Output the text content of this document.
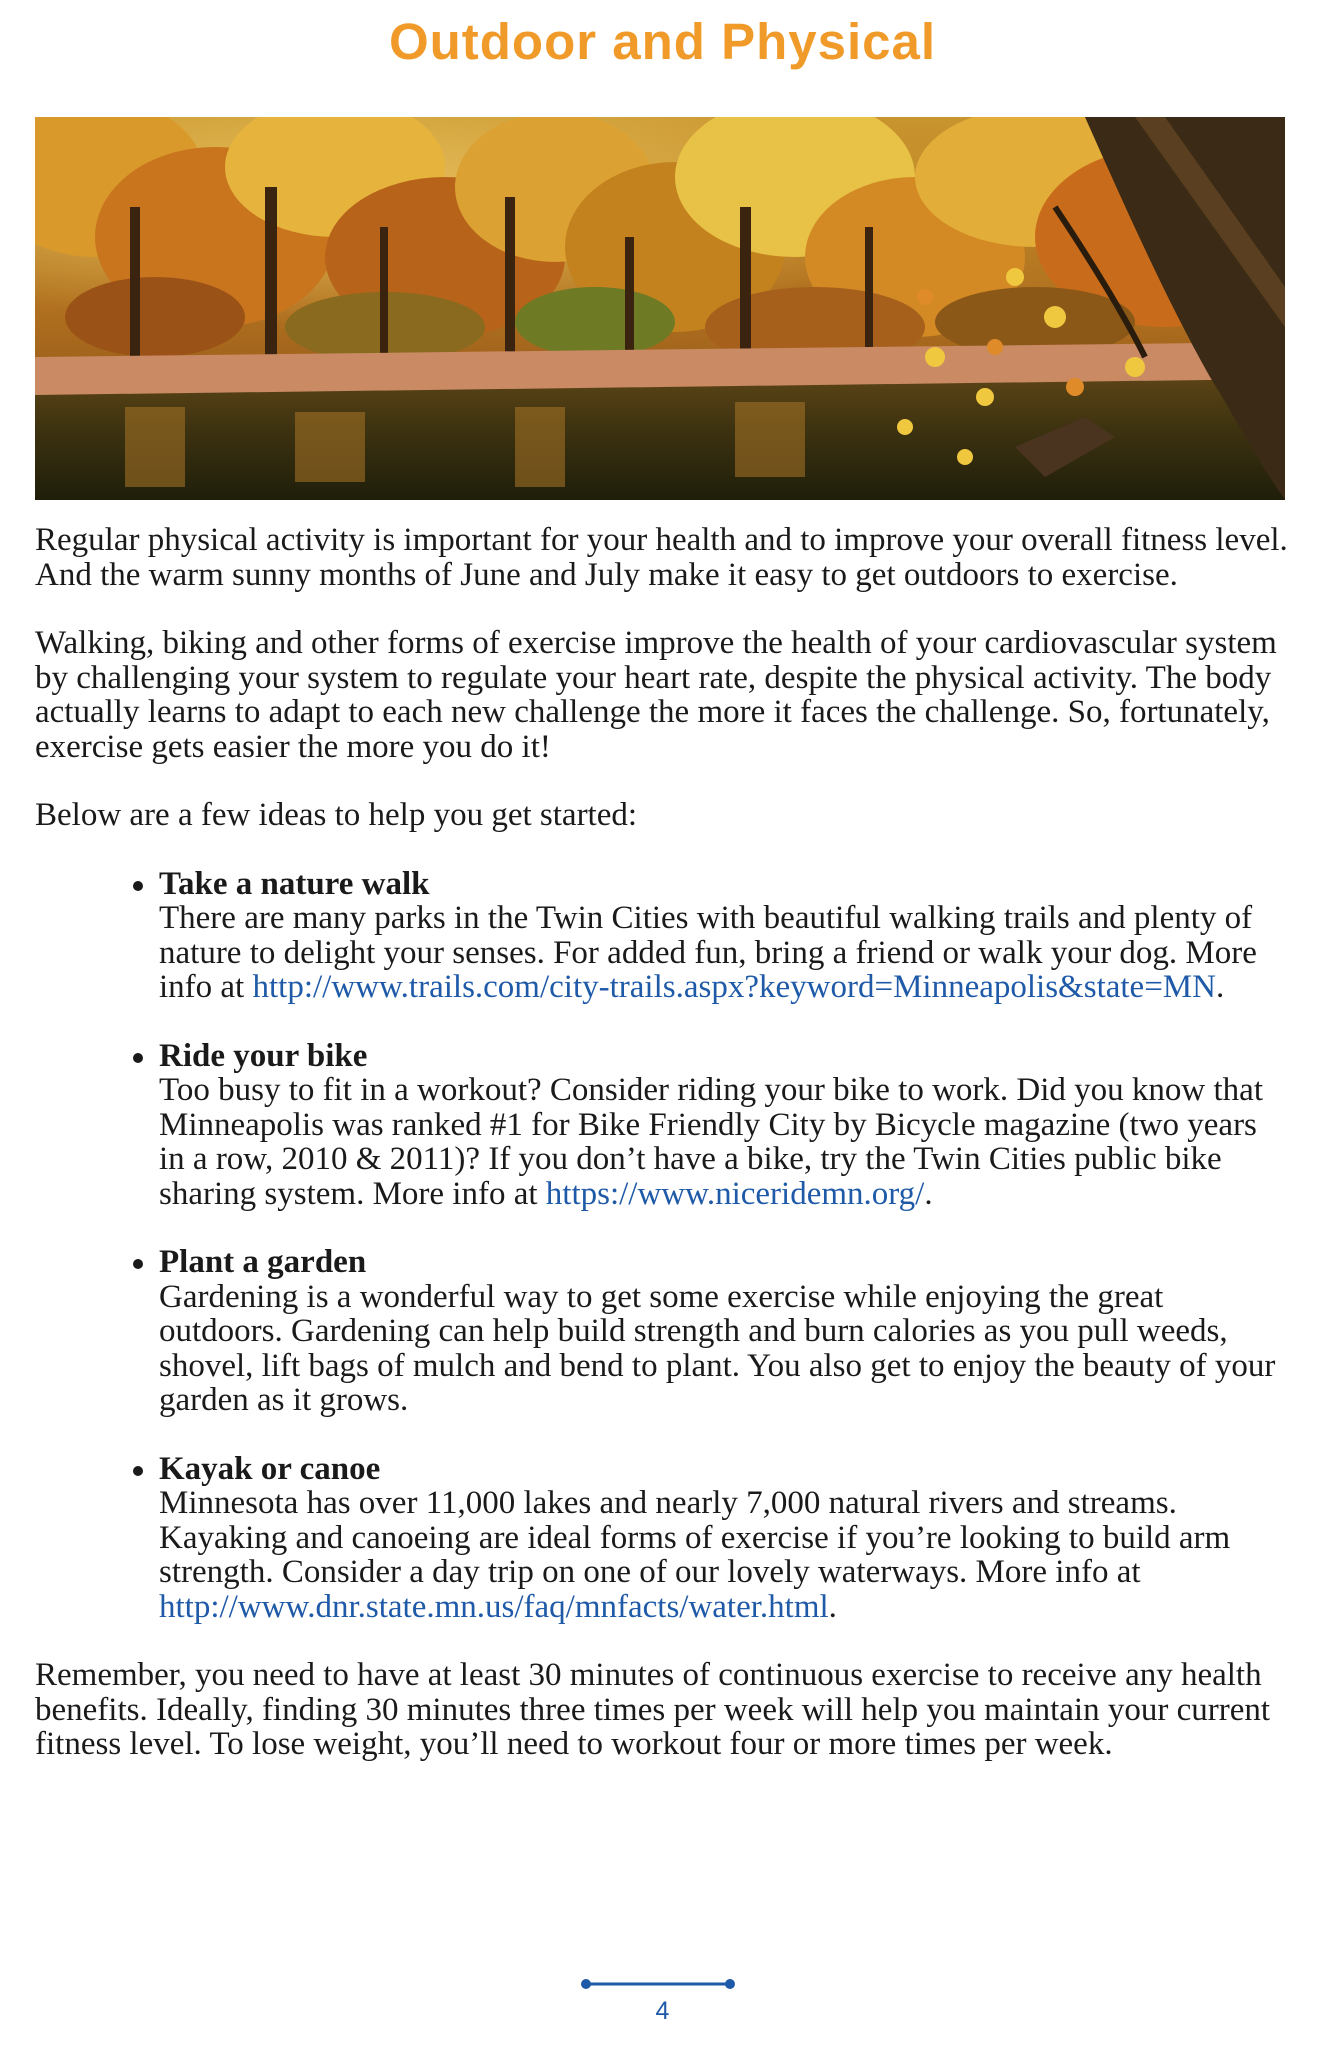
Outdoor and Physical

Regular physical activity is important for your health and to improve your overall fitness level. And the warm sunny months of June and July make it easy to get outdoors to exercise.

Walking, biking and other forms of exercise improve the health of your cardiovascular system by challenging your system to regulate your heart rate, despite the physical activity. The body actually learns to adapt to each new challenge the more it faces the challenge. So, fortunately, exercise gets easier the more you do it!

Below are a few ideas to help you get started:

Take a nature walk
There are many parks in the Twin Cities with beautiful walking trails and plenty of nature to delight your senses. For added fun, bring a friend or walk your dog. More info at http://www.trails.com/city-trails.aspx?keyword=Minneapolis&state=MN.
Ride your bike
Too busy to fit in a workout? Consider riding your bike to work. Did you know that Minneapolis was ranked #1 for Bike Friendly City by Bicycle magazine (two years in a row, 2010 & 2011)? If you don’t have a bike, try the Twin Cities public bike sharing system. More info at https://www.niceridemn.org/.
Plant a garden
Gardening is a wonderful way to get some exercise while enjoying the great outdoors. Gardening can help build strength and burn calories as you pull weeds, shovel, lift bags of mulch and bend to plant. You also get to enjoy the beauty of your garden as it grows.
Kayak or canoe
Minnesota has over 11,000 lakes and nearly 7,000 natural rivers and streams. Kayaking and canoeing are ideal forms of exercise if you’re looking to build arm strength. Consider a day trip on one of our lovely waterways. More info at http://www.dnr.state.mn.us/faq/mnfacts/water.html.

Remember, you need to have at least 30 minutes of continuous exercise to receive any health benefits. Ideally, finding 30 minutes three times per week will help you maintain your current fitness level. To lose weight, you’ll need to workout four or more times per week.

4
